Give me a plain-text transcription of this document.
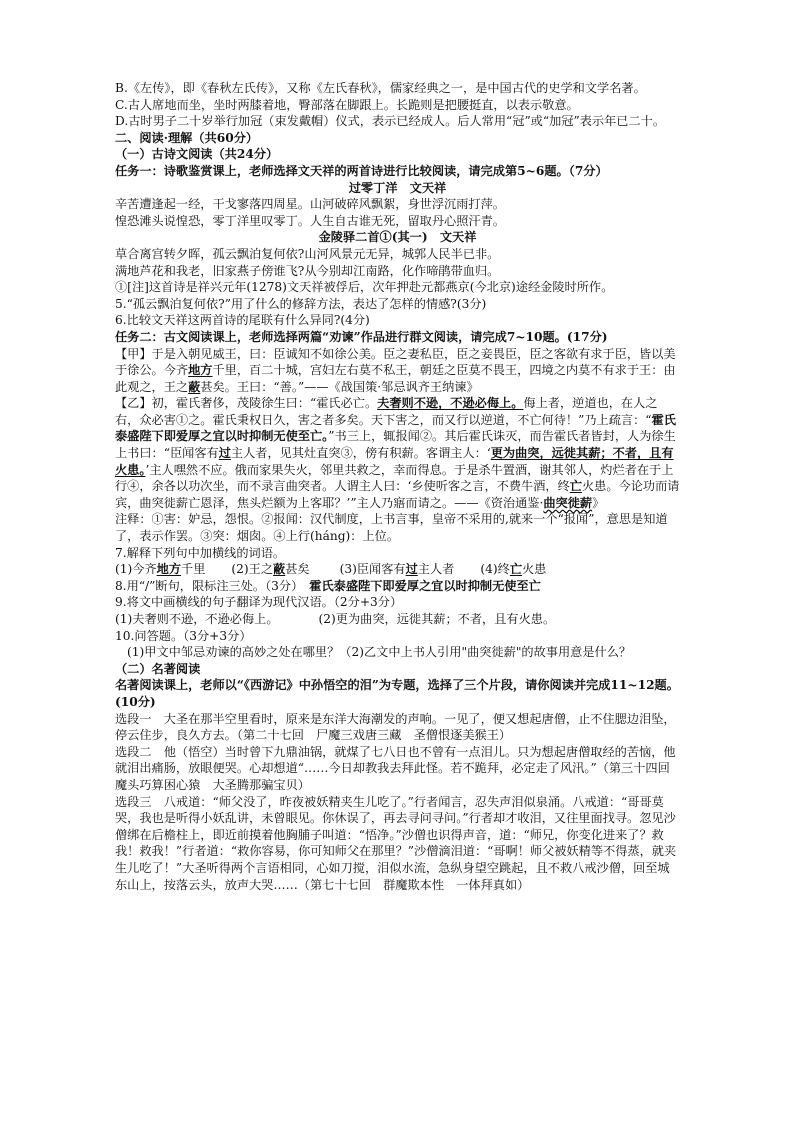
B.《左传》，即《春秋左氏传》，又称《左氏春秋》，儒家经典之一，是中国古代的史学和文学名著。

C.古人席地而坐，坐时两膝着地，臀部落在脚跟上。长跪则是把腰挺直，以表示敬意。

D.古时男子二十岁举行加冠（束发戴帽）仪式，表示已经成人。后人常用“冠”或“加冠”表示年已二十。

二、阅读·理解（共60分）

（一）古诗文阅读（共24分）

任务一：诗歌鉴赏课上，老师选择文天祥的两首诗进行比较阅读，请完成第5~6题。（7分）

过零丁洋　文天祥

辛苦遭逢起一经，干戈寥落四周星。山河破碎风飘絮，身世浮沉雨打萍。

惶恐滩头说惶恐，零丁洋里叹零丁。人生自古谁无死，留取丹心照汗青。

金陵驿二首①(其一)　文天祥

草合离宫转夕晖，孤云飘泊复何依?山河风景元无异，城郭人民半已非。

满地芦花和我老，旧家燕子傍谁飞?从今别却江南路，化作啼鹃带血归。

①[注]这首诗是祥兴元年(1278)文天祥被俘后，次年押赴元都燕京(今北京)途经金陵时所作。

5.“孤云飘泊复何依?”用了什么的修辞方法，表达了怎样的情感?(3分)

6.比较文天祥这两首诗的尾联有什么异同?(4分)

任务二：古文阅读课上，老师选择两篇“劝谏”作品进行群文阅读，请完成7~10题。(17分)

【甲】于是入朝见威王，曰：臣诚知不如徐公美。臣之妻私臣，臣之妾畏臣，臣之客欲有求于臣，皆以美于徐公。今齐地方千里，百二十城，宫妇左右莫不私王，朝廷之臣莫不畏王，四境之内莫不有求于王：由此观之，王之蔽甚矣。王曰：“善。”——《战国策·邹忌讽齐王纳谏》

【乙】初，霍氏奢侈，茂陵徐生曰：“霍氏必亡。夫奢则不逊，不逊必侮上。侮上者，逆道也，在人之右，众必害①之。霍氏秉权日久，害之者多矣。天下害之，而又行以逆道，不亡何待！”乃上疏言：“霍氏泰盛陛下即爱厚之宜以时抑制无使至亡。”书三上，辄报闻②。其后霍氏诛灭，而告霍氏者皆封，人为徐生上书曰：“臣闻客有过主人者，见其灶直突③，傍有积薪。客谓主人：‘更为曲突，远徙其薪；不者，且有火患。’主人嘿然不应。俄而家果失火，邻里共救之，幸而得息。于是杀牛置酒，谢其邻人，灼烂者在于上行④，余各以功次坐，而不录言曲突者。人谓主人曰：‘乡使听客之言，不费牛酒，终亡火患。今论功而请宾，曲突徙薪亡恩泽，焦头烂额为上客耶？’”主人乃寤而请之。——《资治通鉴·曲突徙薪》

注释：①害：妒忌，怨恨。②报闻：汉代制度，上书言事，皇帝不采用的,就来一个“报闻”，意思是知道了，表示作罢。③突：烟囱。④上行(háng)：上位。

7.解释下列句中加横线的词语。

(1)今齐地方千里 (2)王之蔽甚矣 (3)臣闻客有过主人者 (4)终亡火患

8.用“/”断句，限标注三处。（3分） 霍氏泰盛陛下即爱厚之宜以时抑制无使至亡

9.将文中画横线的句子翻译为现代汉语。（2分+3分）

(1)夫奢则不逊，不逊必侮上。	(2)更为曲突，远徙其薪；不者，且有火患。

10.问答题。（3分+3分）

(1)甲文中邹忌劝谏的高妙之处在哪里？（2)乙文中上书人引用"曲突徙薪"的故事用意是什么？

（二）名著阅读

名著阅读课上，老师以“《西游记》中孙悟空的泪”为专题，选择了三个片段，请你阅读并完成11~12题。(10分)

选段一　大圣在那半空里看时，原来是东洋大海潮发的声响。一见了，便又想起唐僧，止不住腮边泪坠，停云住步，良久方去。（第二十七回　尸魔三戏唐三藏　圣僧恨逐美猴王）

选段二　他（悟空）当时曾下九鼎油锅，就煤了七八日也不曾有一点泪儿。只为想起唐僧取经的苦恼，他就泪出痛肠，放眼便哭。心却想道“……今日却教我去拜此怪。若不跪拜，必定走了风汛。”（第三十四回　魔头巧算困心猿　大圣腾那骗宝贝）

选段三　八戒道：“师父没了，昨夜被妖精夹生儿吃了。”行者闻言，忍失声泪似泉涌。八戒道：“哥哥莫哭，我也是听得小妖乱讲，未曾眼见。你休误了，再去寻问寻问。”行者却才收泪，又往里面找寻。忽见沙僧绑在后檐柱上，即近前摸着他胸脯子叫道：“悟净。”沙僧也识得声音，道：“师兄，你变化进来了？救我！救我！”行者道：“救你容易，你可知师父在那里？”沙僧滴泪道：“哥啊！师父被妖精等不得蒸，就夹生儿吃了！”大圣听得两个言语相同，心如刀搅，泪似水流，急纵身望空跳起，且不救八戒沙僧，回至城东山上，按落云头，放声大哭……（第七十七回　群魔欺本性　一体拜真如）
